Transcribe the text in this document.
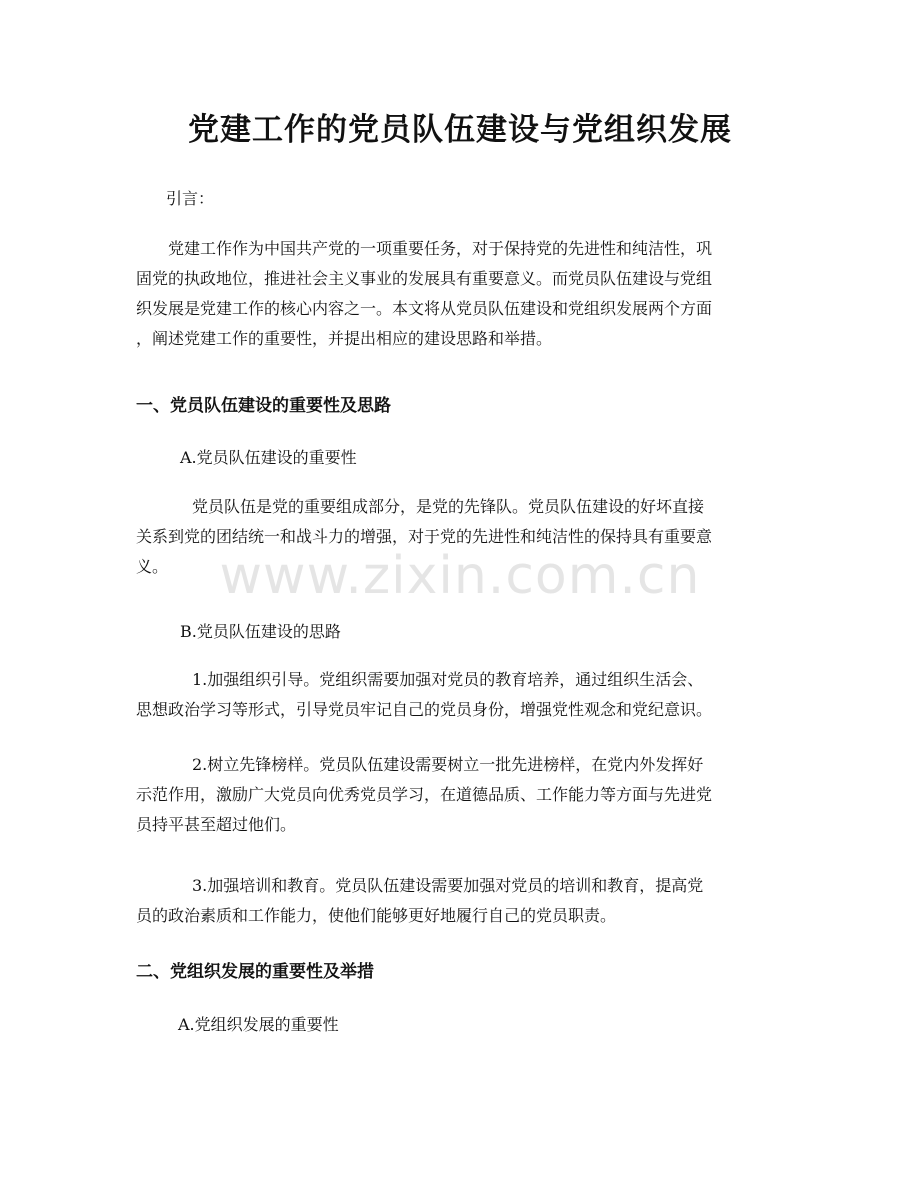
党建工作的党员队伍建设与党组织发展

引言：

党建工作作为中国共产党的一项重要任务，对于保持党的先进性和纯洁性，巩
固党的执政地位，推进社会主义事业的发展具有重要意义。而党员队伍建设与党组
织发展是党建工作的核心内容之一。本文将从党员队伍建设和党组织发展两个方面
，阐述党建工作的重要性，并提出相应的建设思路和举措。
一、党员队伍建设的重要性及思路

A.党员队伍建设的重要性

党员队伍是党的重要组成部分，是党的先锋队。党员队伍建设的好坏直接
关系到党的团结统一和战斗力的增强，对于党的先进性和纯洁性的保持具有重要意
义。

B.党员队伍建设的思路

1.加强组织引导。党组织需要加强对党员的教育培养，通过组织生活会、
思想政治学习等形式，引导党员牢记自己的党员身份，增强党性观念和党纪意识。
2.树立先锋榜样。党员队伍建设需要树立一批先进榜样，在党内外发挥好
示范作用，激励广大党员向优秀党员学习，在道德品质、工作能力等方面与先进党
员持平甚至超过他们。
3.加强培训和教育。党员队伍建设需要加强对党员的培训和教育，提高党
员的政治素质和工作能力，使他们能够更好地履行自己的党员职责。
二、党组织发展的重要性及举措

A.党组织发展的重要性

www.zixin.com.cn
